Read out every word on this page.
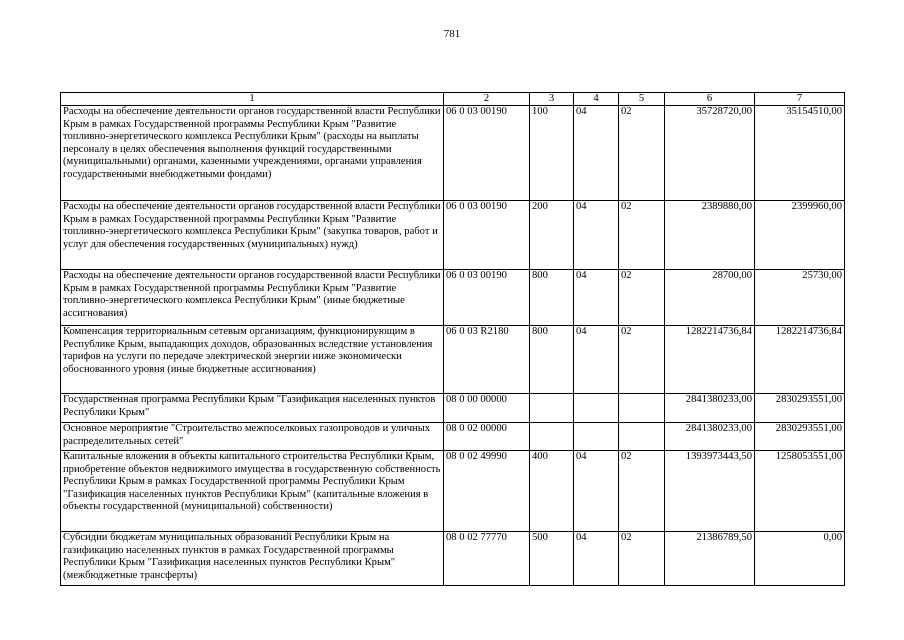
781
1	2	3	4	5	6	7
Расходы на обеспечение деятельности органов государственной власти Республики Крым в рамках Государственной программы Республики Крым "Развитие топливно-энергетического комплекса Республики Крым" (расходы на выплаты персоналу в целях обеспечения выполнения функций государственными (муниципальными) органами, казенными учреждениями, органами управления государственными внебюджетными фондами)	06 0 03 00190	100	04	02	35728720,00	35154510,00
Расходы на обеспечение деятельности органов государственной власти Республики Крым в рамках Государственной программы Республики Крым "Развитие топливно-энергетического комплекса Республики Крым" (закупка товаров, работ и услуг для обеспечения государственных (муниципальных) нужд)	06 0 03 00190	200	04	02	2389880,00	2399960,00
Расходы на обеспечение деятельности органов государственной власти Республики Крым в рамках Государственной программы Республики Крым "Развитие топливно-энергетического комплекса Республики Крым" (иные бюджетные ассигнования)	06 0 03 00190	800	04	02	28700,00	25730,00
Компенсация территориальным сетевым организациям, функционирующим в Республике Крым, выпадающих доходов, образованных вследствие установления тарифов на услуги по передаче электрической энергии ниже экономически обоснованного уровня (иные бюджетные ассигнования)	06 0 03 R2180	800	04	02	1282214736,84	1282214736,84
Государственная программа Республики Крым "Газификация населенных пунктов Республики Крым"	08 0 00 00000				2841380233,00	2830293551,00
Основное мероприятие "Строительство межпоселковых газопроводов и уличных распределительных сетей"	08 0 02 00000				2841380233,00	2830293551,00
Капитальные вложения в объекты капитального строительства Республики Крым, приобретение объектов недвижимого имущества в государственную собственность Республики Крым в рамках Государственной программы Республики Крым "Газификация населенных пунктов Республики Крым" (капитальные вложения в объекты государственной (муниципальной) собственности)	08 0 02 49990	400	04	02	1393973443,50	1258053551,00
Субсидии бюджетам муниципальных образований Республики Крым на газификацию населенных пунктов в рамках Государственной программы Республики Крым "Газификация населенных пунктов Республики Крым" (межбюджетные трансферты)	08 0 02 77770	500	04	02	21386789,50	0,00
